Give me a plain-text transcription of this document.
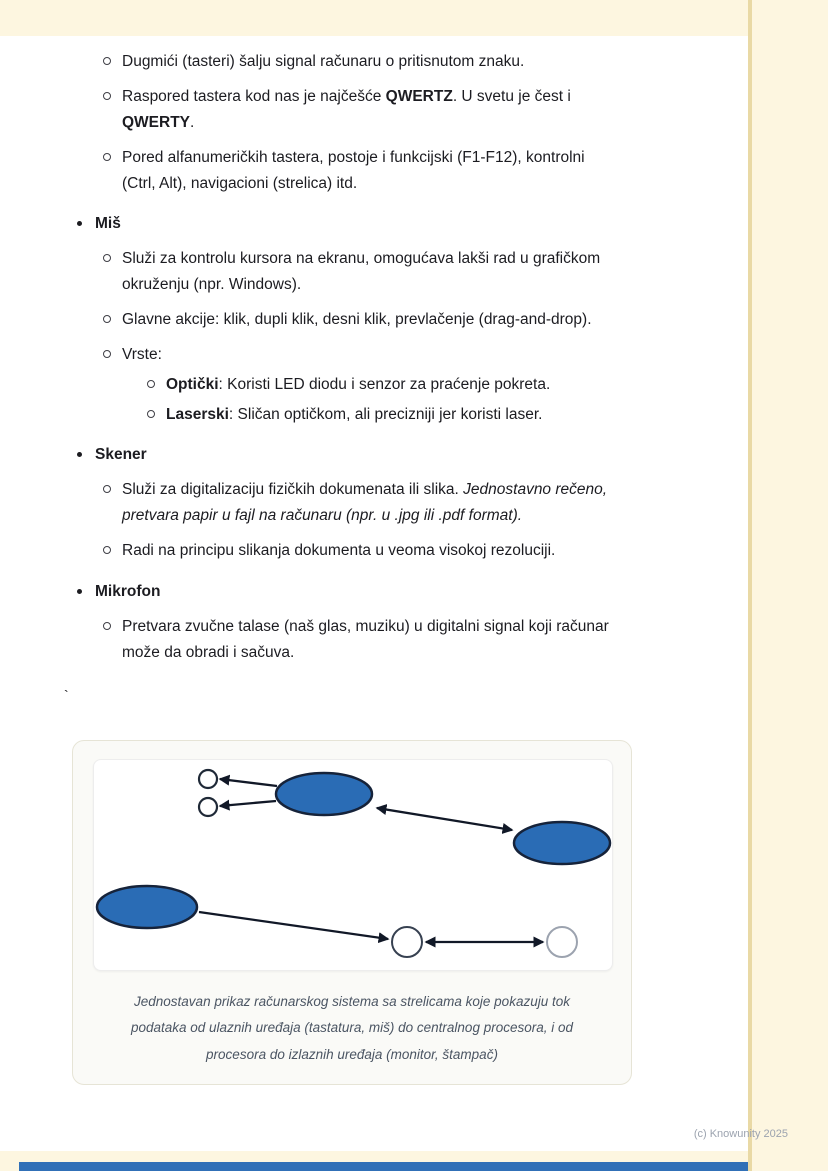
Dugmići (tasteri) šalju signal računaru o pritisnutom znaku.
Raspored tastera kod nas je najčešće QWERTZ. U svetu je čest i
QWERTY.
Pored alfanumeričkih tastera, postoje i funkcijski (F1-F12), kontrolni
(Ctrl, Alt), navigacioni (strelica) itd.
Miš
Služi za kontrolu kursora na ekranu, omogućava lakši rad u grafičkom
okruženju (npr. Windows).
Glavne akcije: klik, dupli klik, desni klik, prevlačenje (drag-and-drop).
Vrste:
Optički: Koristi LED diodu i senzor za praćenje pokreta.
Laserski: Sličan optičkom, ali precizniji jer koristi laser.
Skener
Služi za digitalizaciju fizičkih dokumenata ili slika. Jednostavno rečeno,
pretvara papir u fajl na računaru (npr. u .jpg ili .pdf format).
Radi na principu slikanja dokumenta u veoma visokoj rezoluciji.
Mikrofon
Pretvara zvučne talase (naš glas, muziku) u digitalni signal koji računar
može da obradi i sačuva.
`
Jednostavan prikaz računarskog sistema sa strelicama koje pokazuju tok
podataka od ulaznih uređaja (tastatura, miš) do centralnog procesora, i od
procesora do izlaznih uređaja (monitor, štampač)
(c) Knowunity 2025
